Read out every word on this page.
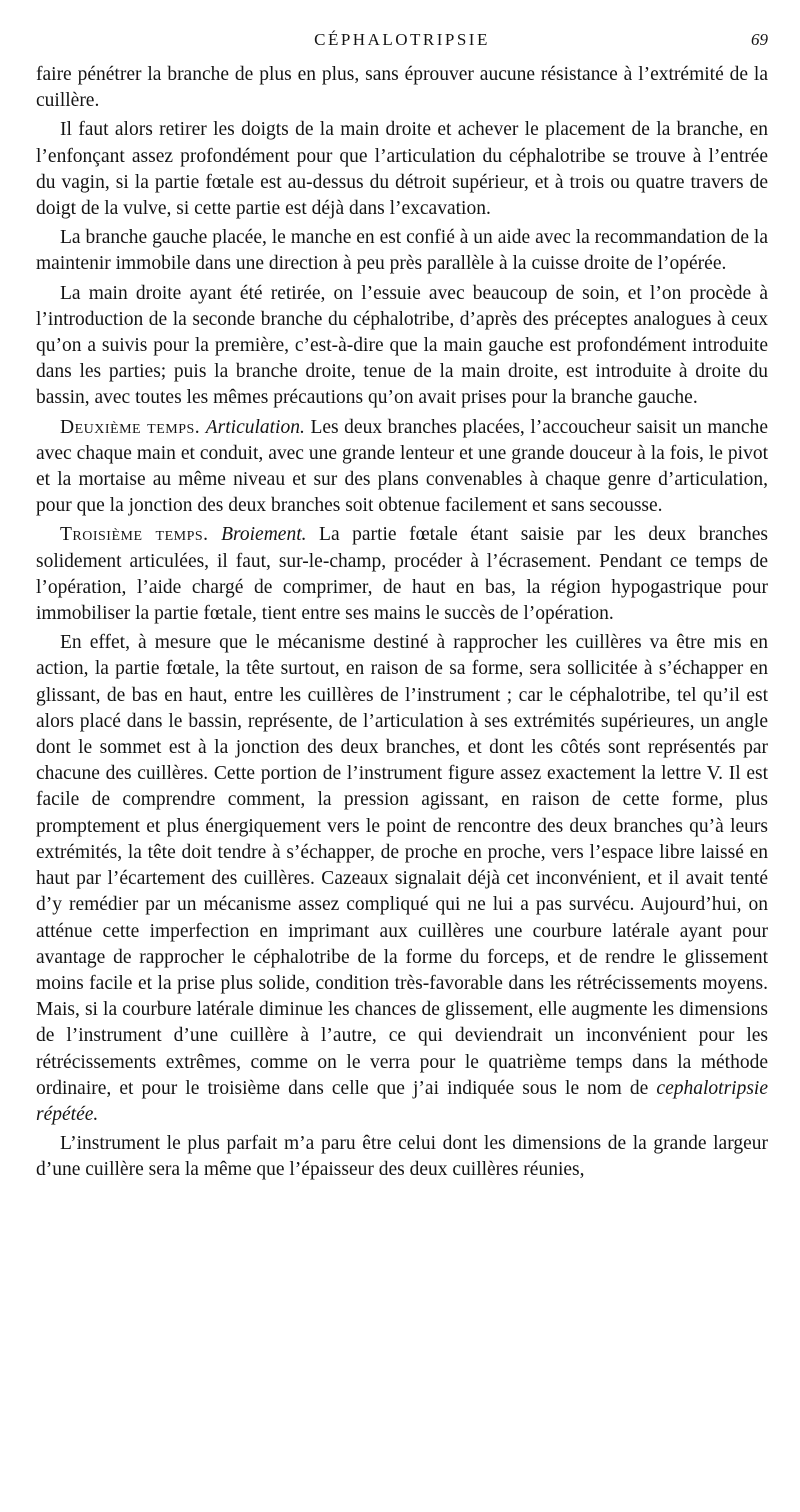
CÉPHALOTRIPSIE	69

faire pénétrer la branche de plus en plus, sans éprouver aucune résistance à l’extrémité de la cuillère.

Il faut alors retirer les doigts de la main droite et achever le placement de la branche, en l’enfonçant assez profondément pour que l’articulation du céphalotribe se trouve à l’entrée du vagin, si la partie fœtale est au-dessus du détroit supérieur, et à trois ou quatre travers de doigt de la vulve, si cette partie est déjà dans l’excavation.

La branche gauche placée, le manche en est confié à un aide avec la recommandation de la maintenir immobile dans une direction à peu près parallèle à la cuisse droite de l’opérée.

La main droite ayant été retirée, on l’essuie avec beaucoup de soin, et l’on procède à l’introduction de la seconde branche du céphalotribe, d’après des préceptes analogues à ceux qu’on a suivis pour la première, c’est-à-dire que la main gauche est profondément introduite dans les parties; puis la branche droite, tenue de la main droite, est introduite à droite du bassin, avec toutes les mêmes précautions qu’on avait prises pour la branche gauche.

Deuxième temps. Articulation. Les deux branches placées, l’accoucheur saisit un manche avec chaque main et conduit, avec une grande lenteur et une grande douceur à la fois, le pivot et la mortaise au même niveau et sur des plans convenables à chaque genre d’articulation, pour que la jonction des deux branches soit obtenue facilement et sans secousse.

Troisième temps. Broiement. La partie fœtale étant saisie par les deux branches solidement articulées, il faut, sur-le-champ, procéder à l’écrasement. Pendant ce temps de l’opération, l’aide chargé de comprimer, de haut en bas, la région hypogastrique pour immobiliser la partie fœtale, tient entre ses mains le succès de l’opération.

En effet, à mesure que le mécanisme destiné à rapprocher les cuillères va être mis en action, la partie fœtale, la tête surtout, en raison de sa forme, sera sollicitée à s’échapper en glissant, de bas en haut, entre les cuillères de l’instrument ; car le céphalotribe, tel qu’il est alors placé dans le bassin, représente, de l’articulation à ses extrémités supérieures, un angle dont le sommet est à la jonction des deux branches, et dont les côtés sont représentés par chacune des cuillères. Cette portion de l’instrument figure assez exactement la lettre V. Il est facile de comprendre comment, la pression agissant, en raison de cette forme, plus promptement et plus énergiquement vers le point de rencontre des deux branches qu’à leurs extrémités, la tête doit tendre à s’échapper, de proche en proche, vers l’espace libre laissé en haut par l’écartement des cuillères. Cazeaux signalait déjà cet inconvénient, et il avait tenté d’y remédier par un mécanisme assez compliqué qui ne lui a pas survécu. Aujourd’hui, on atténue cette imperfection en imprimant aux cuillères une courbure latérale ayant pour avantage de rapprocher le céphalotribe de la forme du forceps, et de rendre le glissement moins facile et la prise plus solide, condition très-favorable dans les rétrécissements moyens. Mais, si la courbure latérale diminue les chances de glissement, elle augmente les dimensions de l’instrument d’une cuillère à l’autre, ce qui deviendrait un inconvénient pour les rétrécissements extrêmes, comme on le verra pour le quatrième temps dans la méthode ordinaire, et pour le troisième dans celle que j’ai indiquée sous le nom de cephalotripsie répétée.

L’instrument le plus parfait m’a paru être celui dont les dimensions de la grande largeur d’une cuillère sera la même que l’épaisseur des deux cuillères réunies,
